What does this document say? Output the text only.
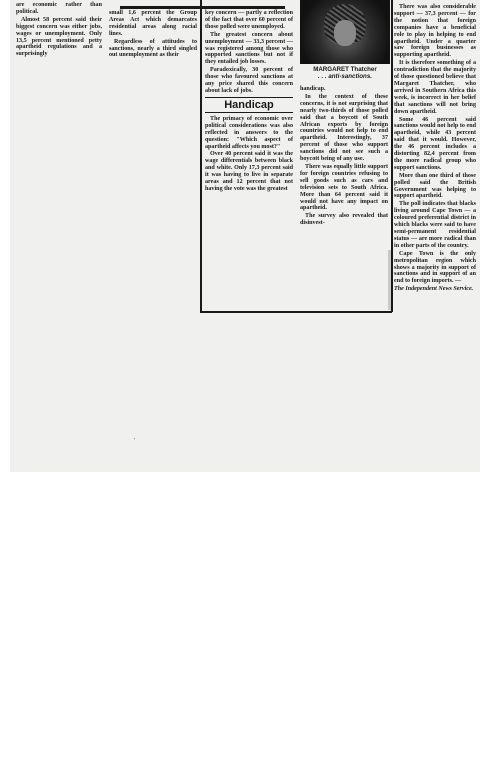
MARGARET Thatcher
. . . anti-sanctions.

are economic rather than political.

Almost 58 percent said their biggest concern was either jobs, wages or unemployment. Only 13,5 percent mentioned petty apartheid regulations and a surprisingly

small 1,6 percent the Group Areas Act which demarcates residential areas along racial lines.

Regardless of attitudes to sanctions, nearly a third singled out unemployment as their

key concern — partly a reflection of the fact that over 60 percent of those polled were unemployed.

The greatest concern about unemployment — 33,3 percent — was registered among those who supported sanctions but not if they entailed job losses.

Paradoxically, 30 percent of those who favoured sanctions at any price shared this concern about lack of jobs.

Handicap

The primacy of economic over political considerations was also reflected in answers to the question: "Which aspect of apartheid affects you most?"

Over 40 percent said it was the wage differentials between black and white. Only 17,3 percent said it was having to live in separate areas and 12 percent that not having the vote was the greatest

handicap.

In the context of these concerns, it is not surprising that nearly two-thirds of those polled said that a boycott of South African exports by foreign countries would not help to end apartheid. Interestingly, 37 percent of those who support sanctions did not see such a boycott being of any use.

There was equally little support for foreign countries refusing to sell goods such as cars and television sets to South Africa. More than 64 percent said it would not have any impact on apartheid.

The survey also revealed that disinvest-

There was also considerable support — 37,3 percent — for the notion that foreign companies have a beneficial role to play in helping to end apartheid. Under a quarter saw foreign businesses as supporting apartheid.

It is therefore something of a contradiction that the majority of those questioned believe that Margaret Thatcher, who arrived in Southern Africa this week, is incorrect in her belief that sanctions will not bring down apartheid.

Some 46 percent said sanctions would not help to end apartheid, while 43 percent said that it would. However, the 46 percent includes a distorting 82,4 percent from the more radical group who support sanctions.

More than one third of those polled said the British Government was helping to support apartheid.

The poll indicates that blacks living around Cape Town — a coloured preferential district in which blacks were said to have semi-permanent residential status — are more radical than in other parts of the country.

Cape Town is the only metropolitan region which shows a majority in support of sanctions and in support of an end to foreign imports. —

The Independent News Service.

'
